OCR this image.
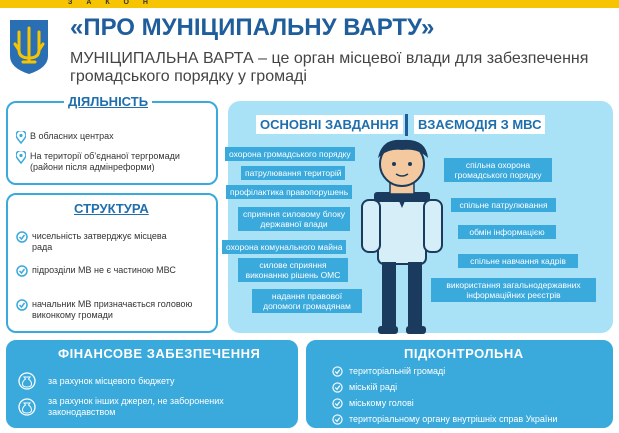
З А К О Н
«ПРО МУНІЦИПАЛЬНУ ВАРТУ»
МУНІЦИПАЛЬНА ВАРТА – це орган місцевої влади для забезпечення громадського порядку у громаді
ДІЯЛЬНІСТЬ
В обласних центрах
На території об’єднаної тергромади (райони після адмінреформи)
СТРУКТУРА
чисельність затверджує місцева рада
підрозділи МВ не є частиною МВС
начальник МВ призначається головою виконкому громади
ОСНОВНІ ЗАВДАННЯ	ВЗАЄМОДІЯ З МВС
охорона громадського порядку
патрулювання територій
профілактика правопорушень
сприяння силовому блоку державної влади
охорона комунального майна
силове сприяння виконанню рішень ОМС
надання правової допомоги громадянам
спільна охорона громадського порядку
спільне патрулювання
обмін інформацією
спільне навчання кадрів
використання загальнодержавних інформаційних реєстрів
ФІНАНСОВЕ ЗАБЕЗПЕЧЕННЯ
за рахунок місцевого бюджету
за рахунок інших джерел, не заборонених законодавством
ПІДКОНТРОЛЬНА
територіальній громаді
міській раді
міському голові
територіальному органу внутрішніх справ України
